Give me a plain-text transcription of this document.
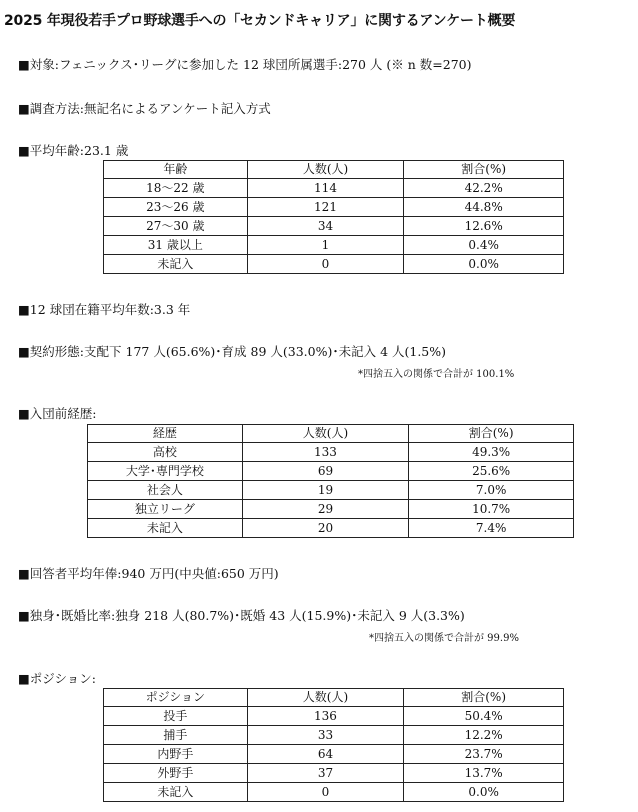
2025 年現役若手プロ野球選手への「セカンドキャリア」に関するアンケート概要
■対象:フェニックス･リーグに参加した 12 球団所属選手:270 人 (※ n 数=270)
■調査方法:無記名によるアンケート記入方式
■平均年齢:23.1 歳
年齢	人数(人)	割合(%)
18〜22 歳	114	42.2%
23〜26 歳	121	44.8%
27〜30 歳	34	12.6%
31 歳以上	1	0.4%
未記入	0	0.0%
■12 球団在籍平均年数:3.3 年
■契約形態:支配下 177 人(65.6%)･育成 89 人(33.0%)･未記入 4 人(1.5%)
*四捨五入の関係で合計が 100.1%
■入団前経歴:
経歴	人数(人)	割合(%)
高校	133	49.3%
大学･専門学校	69	25.6%
社会人	19	7.0%
独立リーグ	29	10.7%
未記入	20	7.4%
■回答者平均年俸:940 万円(中央値:650 万円)
■独身･既婚比率:独身 218 人(80.7%)･既婚 43 人(15.9%)･未記入 9 人(3.3%)
*四捨五入の関係で合計が 99.9%
■ポジション:
ポジション	人数(人)	割合(%)
投手	136	50.4%
捕手	33	12.2%
内野手	64	23.7%
外野手	37	13.7%
未記入	0	0.0%
